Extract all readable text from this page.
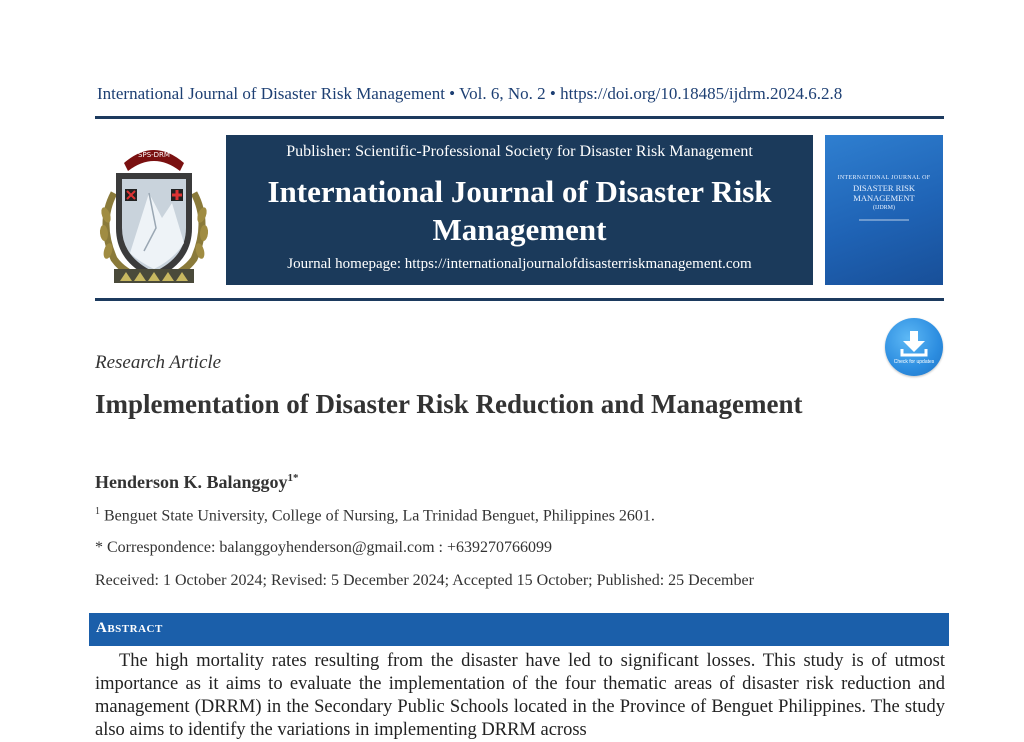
International Journal of Disaster Risk Management • Vol. 6, No. 2 • https://doi.org/10.18485/ijdrm.2024.6.2.8
SPS-DRM	Publisher: Scientific-Professional Society for Disaster Risk Management
International Journal of Disaster Risk Management
Journal homepage: https://internationaljournalofdisasterriskmanagement.com
INTERNATIONAL JOURNAL OF
DISASTER RISK MANAGEMENT
(IJDRM)
Check for updates
Research Article
Implementation of Disaster Risk Reduction and Management
Henderson K. Balanggoy$^{1*}$
$^1$ Benguet State University, College of Nursing, La Trinidad Benguet, Philippines 2601.
* Correspondence: balanggoyhenderson@gmail.com : +639270766099
Received: 1 October 2024; Revised: 5 December 2024; Accepted 15 October; Published: 25 December
Abstract
The high mortality rates resulting from the disaster have led to significant losses. This study is of utmost importance as it aims to evaluate the implementation of the four thematic areas of disaster risk reduction and management (DRRM) in the Secondary Public Schools located in the Province of Benguet Philippines. The study also aims to identify the variations in implementing DRRM across
